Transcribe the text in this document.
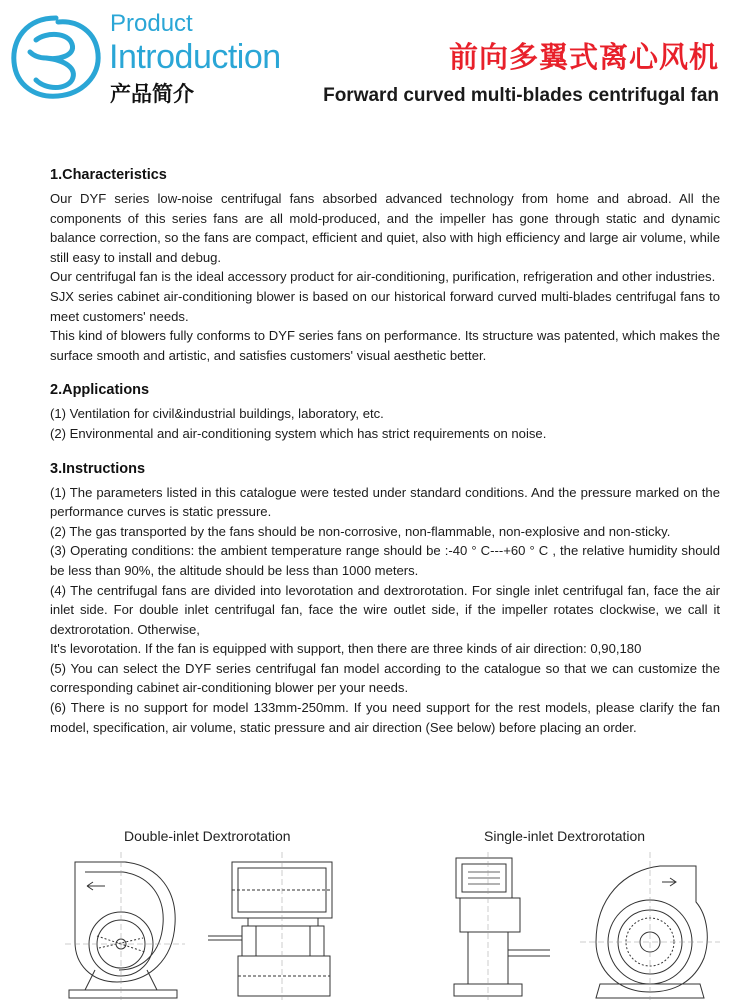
Product
Introduction
产品简介
前向多翼式离心风机
Forward curved multi-blades centrifugal fan
1.Characteristics

Our DYF series low-noise centrifugal fans absorbed advanced technology from home and abroad. All the components of this series fans are all mold-produced, and the impeller has gone through static and dynamic balance correction, so the fans are compact, efficient and quiet, also with high efficiency and large air volume, while still easy to install and debug.

Our centrifugal fan is the ideal accessory product for air-conditioning, purification, refrigeration and other industries.

SJX series cabinet air-conditioning blower is based on our historical forward curved multi-blades centrifugal fans to meet customers' needs.

This kind of blowers fully conforms to DYF series fans on performance. Its structure was patented, which makes the surface smooth and artistic, and satisfies customers' visual aesthetic better.

2.Applications

(1) Ventilation for civil&industrial buildings, laboratory, etc.

(2) Environmental and air-conditioning system which has strict requirements on noise.

3.Instructions

(1) The parameters listed in this catalogue were tested under standard conditions. And the pressure marked on the performance curves is static pressure.

(2) The gas transported by the fans should be non-corrosive, non-flammable, non-explosive and non-sticky.

(3) Operating conditions: the ambient temperature range should be :-40 ° C---+60 ° C , the relative humidity should be less than 90%, the altitude should be less than 1000 meters.

(4) The centrifugal fans are divided into levorotation and dextrorotation. For single inlet centrifugal fan, face the air inlet side. For double inlet centrifugal fan, face the wire outlet side, if the impeller rotates clockwise, we call it dextrorotation. Otherwise,

It's levorotation. If the fan is equipped with support, then there are three kinds of air direction: 0,90,180

(5) You can select the DYF series centrifugal fan model according to the catalogue so that we can customize the corresponding cabinet air-conditioning blower per your needs.

(6) There is no support for model 133mm-250mm. If you need support for the rest models, please clarify the fan model, specification, air volume, static pressure and air direction (See below) before placing an order.

Double-inlet Dextrorotation	Single-inlet Dextrorotation
